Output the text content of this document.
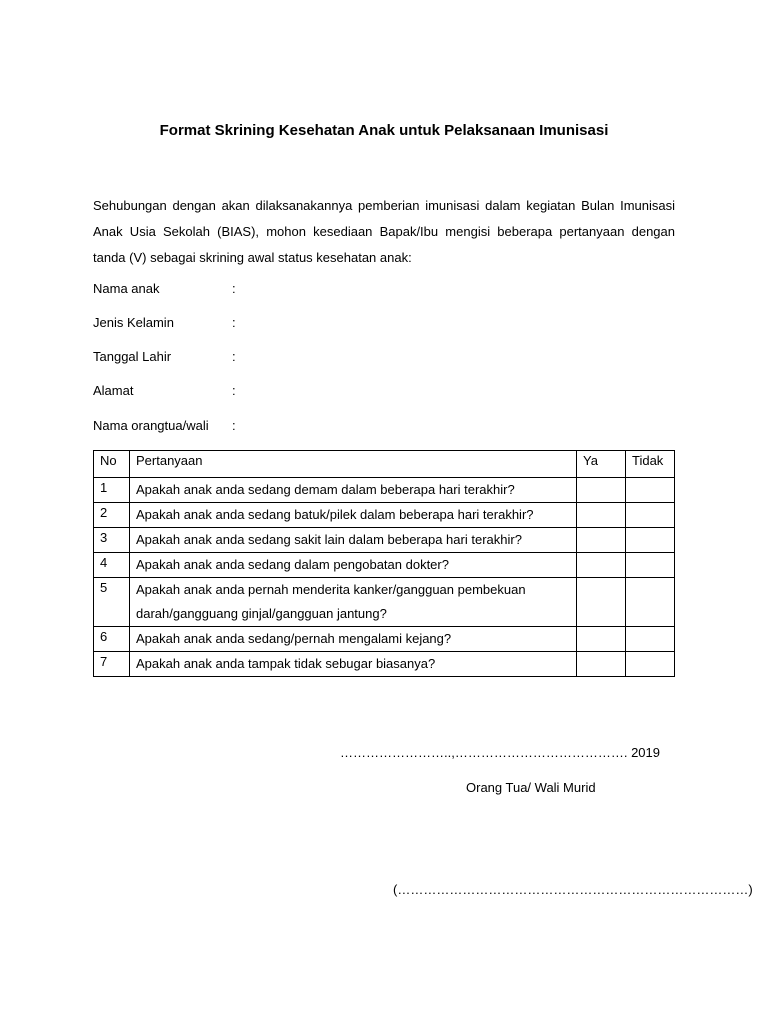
Format Skrining Kesehatan Anak untuk Pelaksanaan Imunisasi
Sehubungan dengan akan dilaksanakannya pemberian imunisasi dalam kegiatan Bulan Imunisasi Anak Usia Sekolah (BIAS), mohon kesediaan Bapak/Ibu mengisi beberapa pertanyaan dengan tanda (V) sebagai skrining awal status kesehatan anak:
Nama anak	:
Jenis Kelamin	:
Tanggal Lahir	:
Alamat	:
Nama orangtua/wali :
No	Pertanyaan	Ya	Tidak
1	Apakah anak anda sedang demam dalam beberapa hari terakhir?		
2	Apakah anak anda sedang batuk/pilek dalam beberapa hari terakhir?		
3	Apakah anak anda sedang sakit lain dalam beberapa hari terakhir?		
4	Apakah anak anda sedang dalam pengobatan dokter?		
5	Apakah anak anda pernah menderita kanker/gangguan pembekuan darah/gangguang ginjal/gangguan jantung?		
6	Apakah anak anda sedang/pernah mengalami kejang?		
7	Apakah anak anda tampak tidak sebugar biasanya?		
……………………..,…………………………………. 2019
Orang Tua/ Wali Murid
(………………………………………………………………………)
